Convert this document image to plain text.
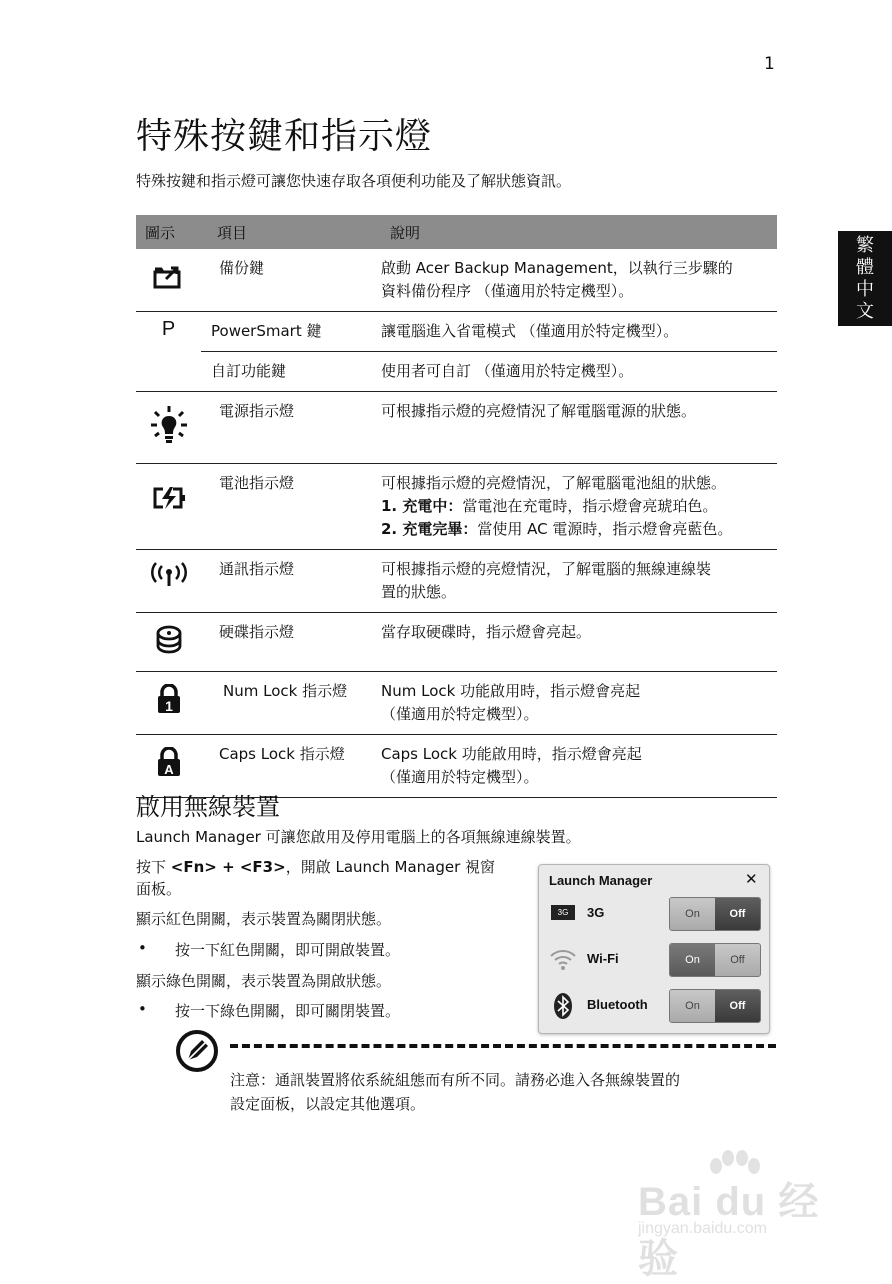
1
繁
體
中
文
特殊按鍵和指示燈
特殊按鍵和指示燈可讓您快速存取各項便利功能及了解狀態資訊。
圖示	項目	說明
	備份鍵	啟動 Acer Backup Management，以執行三步驟的
資料備份程序 （僅適用於特定機型）。

P	PowerSmart 鍵	讓電腦進入省電模式 （僅適用於特定機型）。
	自訂功能鍵	使用者可自訂 （僅適用於特定機型）。
	電源指示燈	可根據指示燈的亮燈情況了解電腦電源的狀態。
	電池指示燈	可根據指示燈的亮燈情況，了解電腦電池組的狀態。
1. 充電中：當電池在充電時，指示燈會亮琥珀色。
2. 充電完畢：當使用 AC 電源時，指示燈會亮藍色。

	通訊指示燈	可根據指示燈的亮燈情況，了解電腦的無線連線裝
置的狀態。

	硬碟指示燈	當存取硬碟時，指示燈會亮起。

1	Num Lock 指示燈	Num Lock 功能啟用時，指示燈會亮起
（僅適用於特定機型）。

A	Caps Lock 指示燈	Caps Lock 功能啟用時，指示燈會亮起
（僅適用於特定機型）。
啟用無線裝置
Launch Manager 可讓您啟用及停用電腦上的各項無線連線裝置。
按下 <Fn> + <F3>，開啟 Launch Manager 視窗
面板。
顯示紅色開關，表示裝置為關閉狀態。
• 按一下紅色開關，即可開啟裝置。
顯示綠色開關，表示裝置為開啟狀態。
• 按一下綠色開關，即可關閉裝置。
Launch Manager	✕
3G	3G	On	Off
Wi-Fi	On	Off
Bluetooth	On	Off
注意：通訊裝置將依系統組態而有所不同。請務必進入各無線裝置的
設定面板，以設定其他選項。
Bai du 经验
jingyan.baidu.com
